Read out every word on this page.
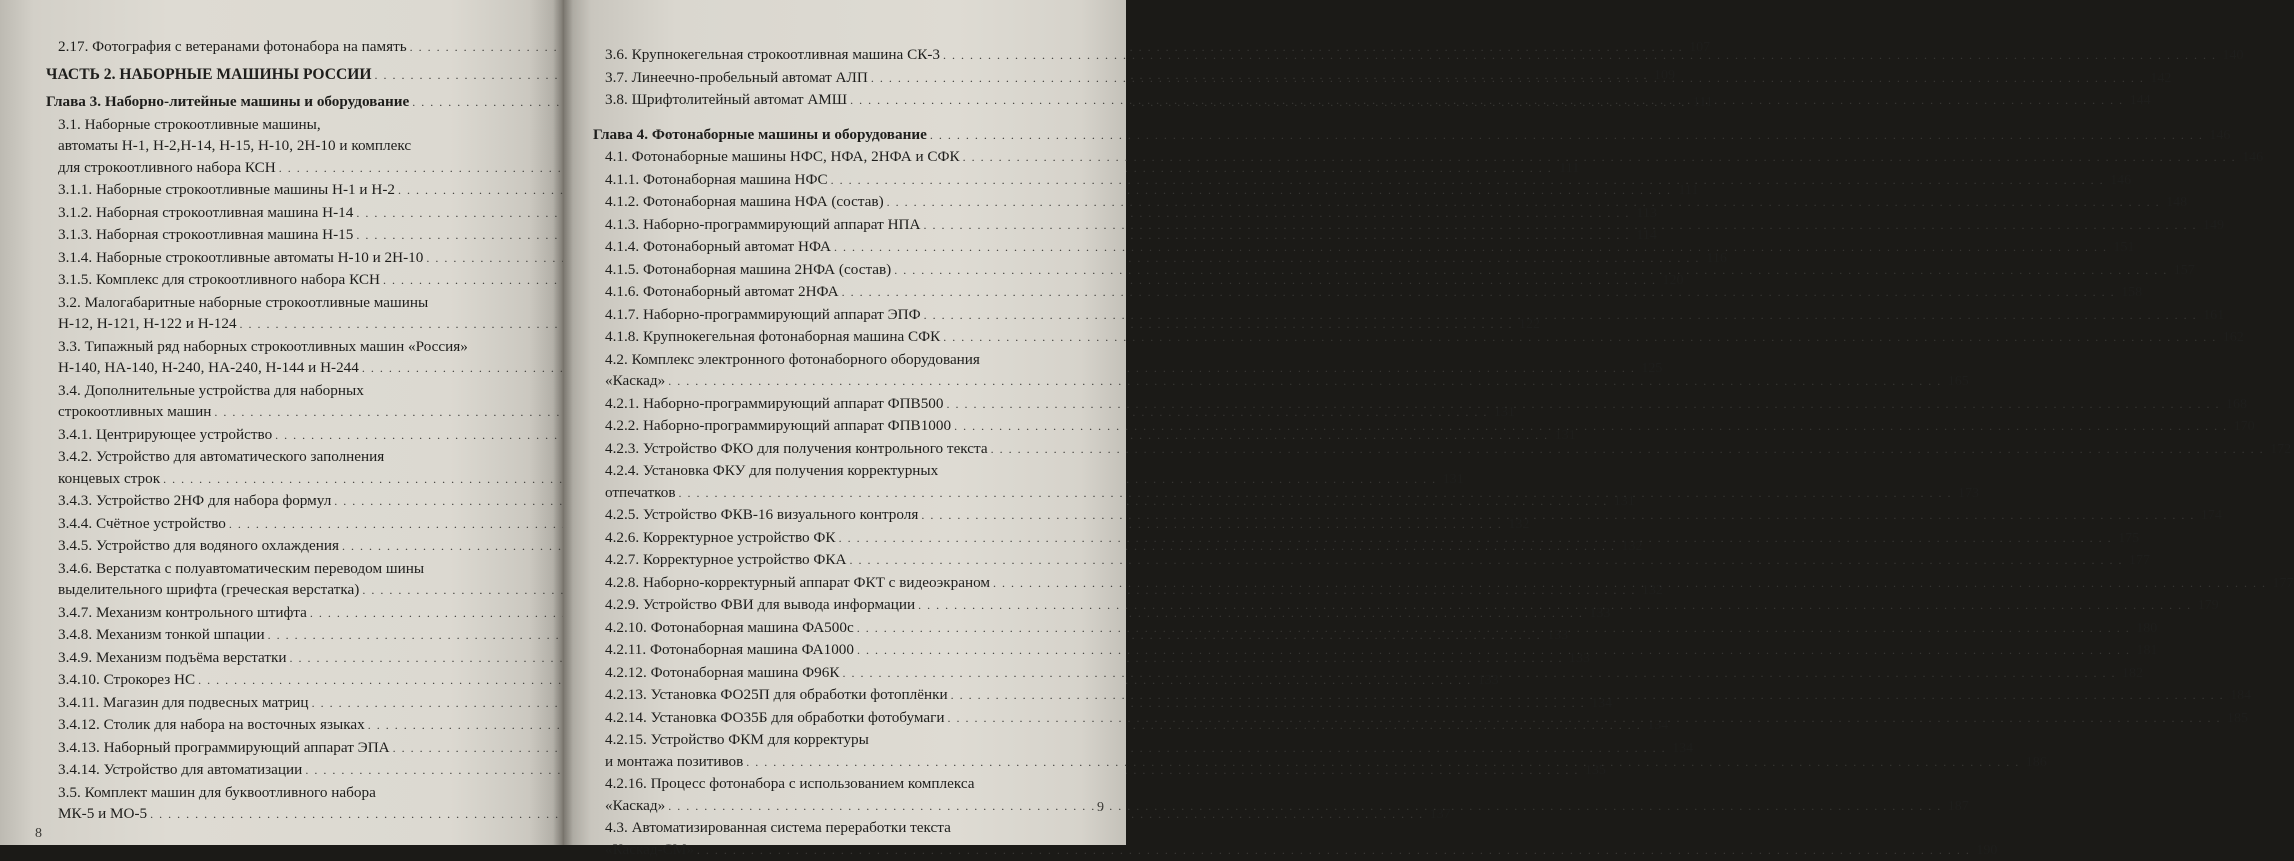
2.17. Фотография с ветеранами фотонабора на память . . .	107
ЧАСТЬ 2. НАБОРНЫЕ МАШИНЫ РОССИИ . . .	109
Глава 3. Наборно-литейные машины и оборудование . . .	111
3.1. Наборные строкоотливные машины,
автоматы Н-1, Н-2,Н-14, Н-15, Н-10, 2Н-10 и комплекс
для строкоотливного набора КСН . . .	111
3.1.1. Наборные строкоотливные машины Н-1 и Н-2 . . .	111
3.1.2. Наборная строкоотливная машина Н-14 . . .	113
3.1.3. Наборная строкоотливная машина Н-15 . . .	114
3.1.4. Наборные строкоотливные автоматы Н-10 и 2Н-10 . . .	116
3.1.5. Комплекс для строкоотливного набора КСН . . .	120
3.2. Малогабаритные наборные строкоотливные машины
Н-12, Н-121, Н-122 и Н-124 . . .	122
3.3. Типажный ряд наборных строкоотливных машин «Россия»
Н-140, НА-140, Н-240, НА-240, Н-144 и Н-244 . . .	125
3.4. Дополнительные устройства для наборных
строкоотливных машин . . .	131
3.4.1. Центрирующее устройство . . .	131
3.4.2. Устройство для автоматического заполнения
концевых строк . . .	131
3.4.3. Устройство 2НФ для набора формул . . .	131
3.4.4. Счётное устройство . . .	132
3.4.5. Устройство для водяного охлаждения . . .	132
3.4.6. Верстатка с полуавтоматическим переводом шины
выделительного шрифта (греческая верстатка) . . .	132
3.4.7. Механизм контрольного штифта . . .	133
3.4.8. Механизм тонкой шпации . . .	133
3.4.9. Механизм подъёма верстатки . . .	133
3.4.10. Строкорез НС . . .	133
3.4.11. Магазин для подвесных матриц . . .	134
3.4.12. Столик для набора на восточных языках . . .	134
3.4.13. Наборный программирующий аппарат ЭПА . . .	134
3.4.14. Устройство для автоматизации . . .	135
3.5. Комплект машин для буквоотливного набора
МК-5 и МО-5 . . .	137
8
3.6. Крупнокегельная строкоотливная машина СК-3 . . .	140
3.7. Линеечно-пробельный автомат АЛП . . .	142
3.8. Шрифтолитейный автомат АМШ . . .	144
Глава 4. Фотонаборные машины и оборудование . . .	146
4.1. Фотонаборные машины НФС, НФА, 2НФА и СФК . . .	146
4.1.1. Фотонаборная машина НФС . . .	146
4.1.2. Фотонаборная машина НФА (состав) . . .	148
4.1.3. Наборно-программирующий аппарат НПА . . .	149
4.1.4. Фотонаборный автомат НФА . . .	151
4.1.5. Фотонаборная машина 2НФА (состав) . . .	157
4.1.6. Фотонаборный автомат 2НФА . . .	158
4.1.7. Наборно-программирующий аппарат ЭПФ . . .	161
4.1.8. Крупнокегельная фотонаборная машина СФК . . .	162
4.2. Комплекс электронного фотонаборного оборудования
«Каскад» . . .	165
4.2.1. Наборно-программирующий аппарат ФПВ500 . . .	168
4.2.2. Наборно-программирующий аппарат ФПВ1000 . . .	170
4.2.3. Устройство ФКО для получения контрольного текста . . .	172
4.2.4. Установка ФКУ для получения корректурных
отпечатков . . .	173
4.2.5. Устройство ФКВ-16 визуального контроля . . .	174
4.2.6. Корректурное устройство ФК . . .	175
4.2.7. Корректурное устройство ФКА . . .	177
4.2.8. Наборно-корректурный аппарат ФКТ с видеоэкраном . . .	177
4.2.9. Устройство ФВИ для вывода информации . . .	179
4.2.10. Фотонаборная машина ФА500с . . .	180
4.2.11. Фотонаборная машина ФА1000 . . .	181
4.2.12. Фотонаборная машина Ф96К . . .	182
4.2.13. Установка ФО25П для обработки фотоплёнки . . .	184
4.2.14. Установка ФО35Б для обработки фотобумаги . . .	185
4.2.15. Устройство ФКМ для корректуры
и монтажа позитивов . . .	186
4.2.16. Процесс фотонабора с использованием комплекса
«Каскад» . . .	187
4.3. Автоматизированная система переработки текста
«Каскад-СМ» . . .	190
9
